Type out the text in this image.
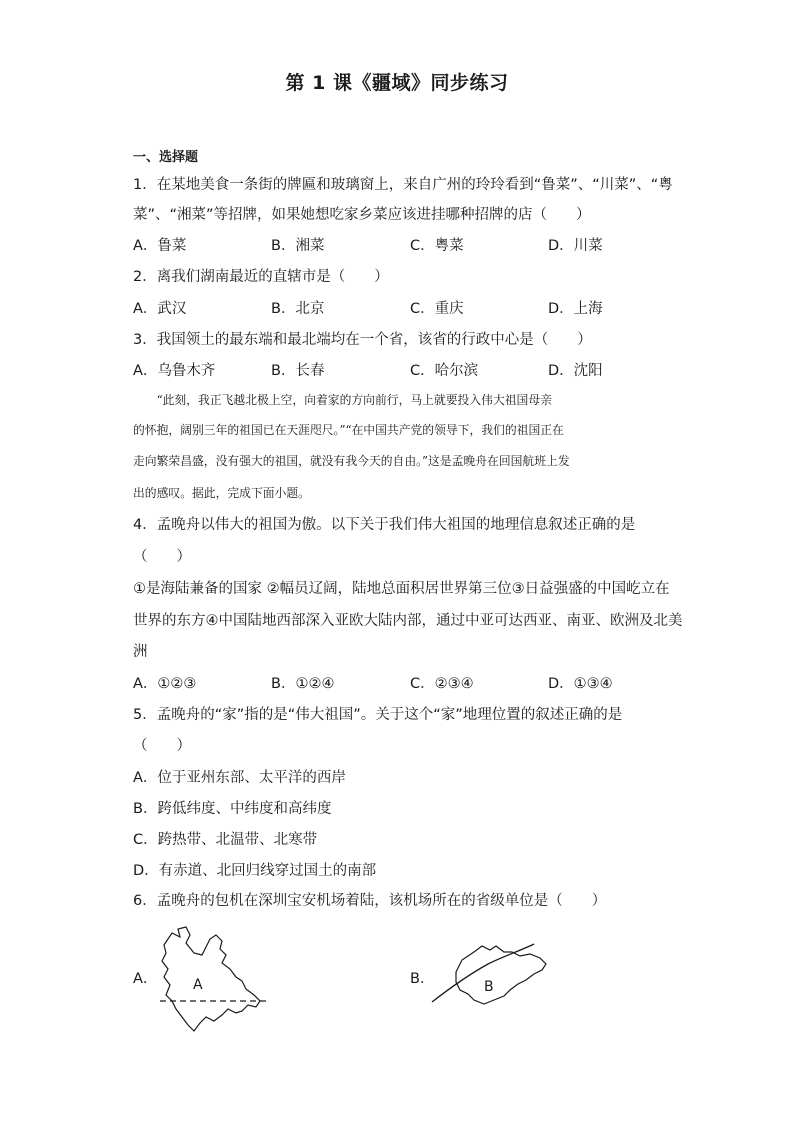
第 1 课《疆域》同步练习
一、选择题
1．在某地美食一条街的牌匾和玻璃窗上，来自广州的玲玲看到“鲁菜”、“川菜”、“粤
菜”、“湘菜”等招牌，如果她想吃家乡菜应该进挂哪种招牌的店（　　）
A．鲁菜	B．湘菜	C．粤菜	D．川菜
2．离我们湖南最近的直辖市是（　　）
A．武汉	B．北京	C．重庆	D．上海
3．我国领土的最东端和最北端均在一个省，该省的行政中心是（　　）
A．乌鲁木齐	B．长春	C．哈尔滨	D．沈阳
　　“此刻，我正飞越北极上空，向着家的方向前行，马上就要投入伟大祖国母亲
的怀抱，阔别三年的祖国已在天涯咫尺。”“在中国共产党的领导下，我们的祖国正在
走向繁荣昌盛，没有强大的祖国，就没有我今天的自由。”这是孟晚舟在回国航班上发
出的感叹。据此，完成下面小题。
4．孟晚舟以伟大的祖国为傲。以下关于我们伟大祖国的地理信息叙述正确的是
（　　）
①是海陆兼备的国家 ②幅员辽阔，陆地总面积居世界第三位③日益强盛的中国屹立在
世界的东方④中国陆地西部深入亚欧大陆内部，通过中亚可达西亚、南亚、欧洲及北美
洲
A．①②③	B．①②④	C．②③④	D．①③④
5．孟晚舟的“家”指的是“伟大祖国”。关于这个“家”地理位置的叙述正确的是
（　　）
A．位于亚州东部、太平洋的西岸
B．跨低纬度、中纬度和高纬度
C．跨热带、北温带、北寒带
D．有赤道、北回归线穿过国土的南部
6．孟晚舟的包机在深圳宝安机场着陆，该机场所在的省级单位是（　　）
A．	A	B．	B
